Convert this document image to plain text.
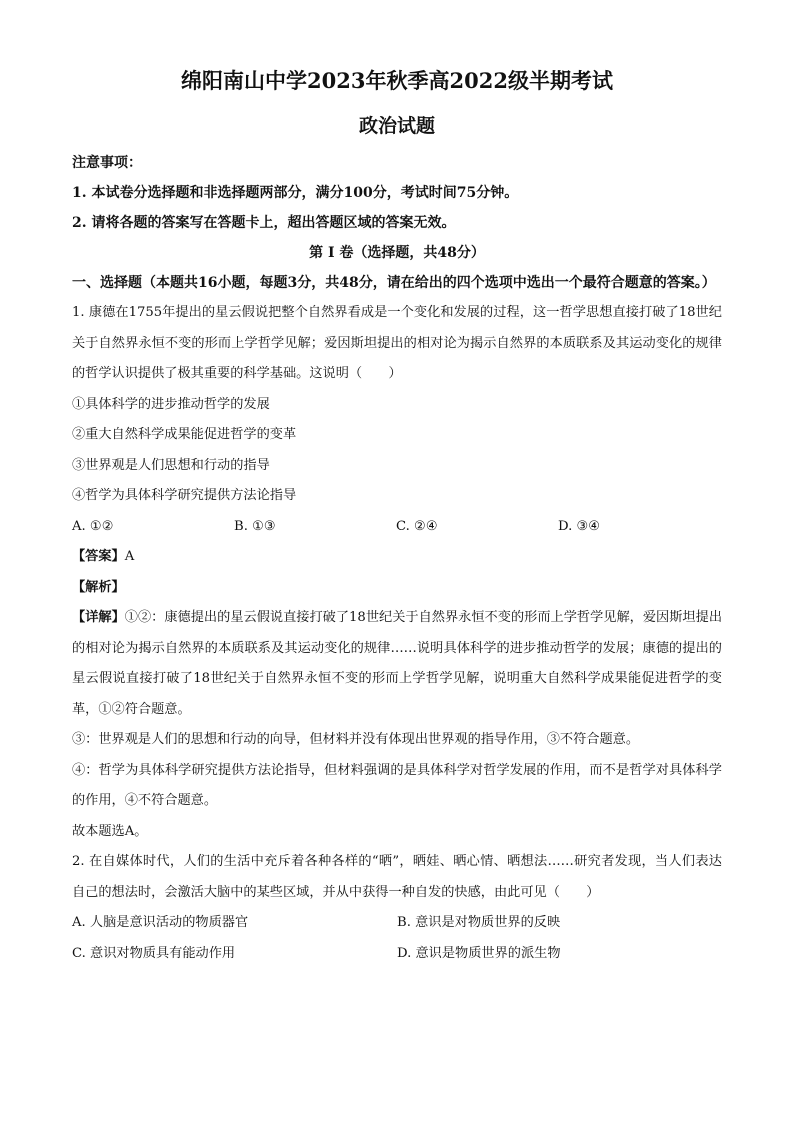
绵阳南山中学2023年秋季高2022级半期考试
政治试题

注意事项：

1. 本试卷分选择题和非选择题两部分，满分100分，考试时间75分钟。

2. 请将各题的答案写在答题卡上，超出答题区域的答案无效。

第 I 卷（选择题，共48分）

一、选择题（本题共16小题，每题3分，共48分，请在给出的四个选项中选出一个最符合题意的答案。）

1. 康德在1755年提出的星云假说把整个自然界看成是一个变化和发展的过程，这一哲学思想直接打破了18世纪关于自然界永恒不变的形而上学哲学见解；爱因斯坦提出的相对论为揭示自然界的本质联系及其运动变化的规律的哲学认识提供了极其重要的科学基础。这说明（　　）

①具体科学的进步推动哲学的发展

②重大自然科学成果能促进哲学的变革

③世界观是人们思想和行动的指导

④哲学为具体科学研究提供方法论指导

A. ①②	B. ①③	C. ②④	D. ③④

【答案】A

【解析】

【详解】①②：康德提出的星云假说直接打破了18世纪关于自然界永恒不变的形而上学哲学见解，爱因斯坦提出的相对论为揭示自然界的本质联系及其运动变化的规律……说明具体科学的进步推动哲学的发展；康德的提出的星云假说直接打破了18世纪关于自然界永恒不变的形而上学哲学见解，说明重大自然科学成果能促进哲学的变革，①②符合题意。

③：世界观是人们的思想和行动的向导，但材料并没有体现出世界观的指导作用，③不符合题意。

④：哲学为具体科学研究提供方法论指导，但材料强调的是具体科学对哲学发展的作用，而不是哲学对具体科学的作用，④不符合题意。

故本题选A。

2. 在自媒体时代，人们的生活中充斥着各种各样的“晒”，晒娃、晒心情、晒想法……研究者发现，当人们表达自己的想法时，会激活大脑中的某些区域，并从中获得一种自发的快感，由此可见（　　）

A. 人脑是意识活动的物质器官	B. 意识是对物质世界的反映
C. 意识对物质具有能动作用	D. 意识是物质世界的派生物
